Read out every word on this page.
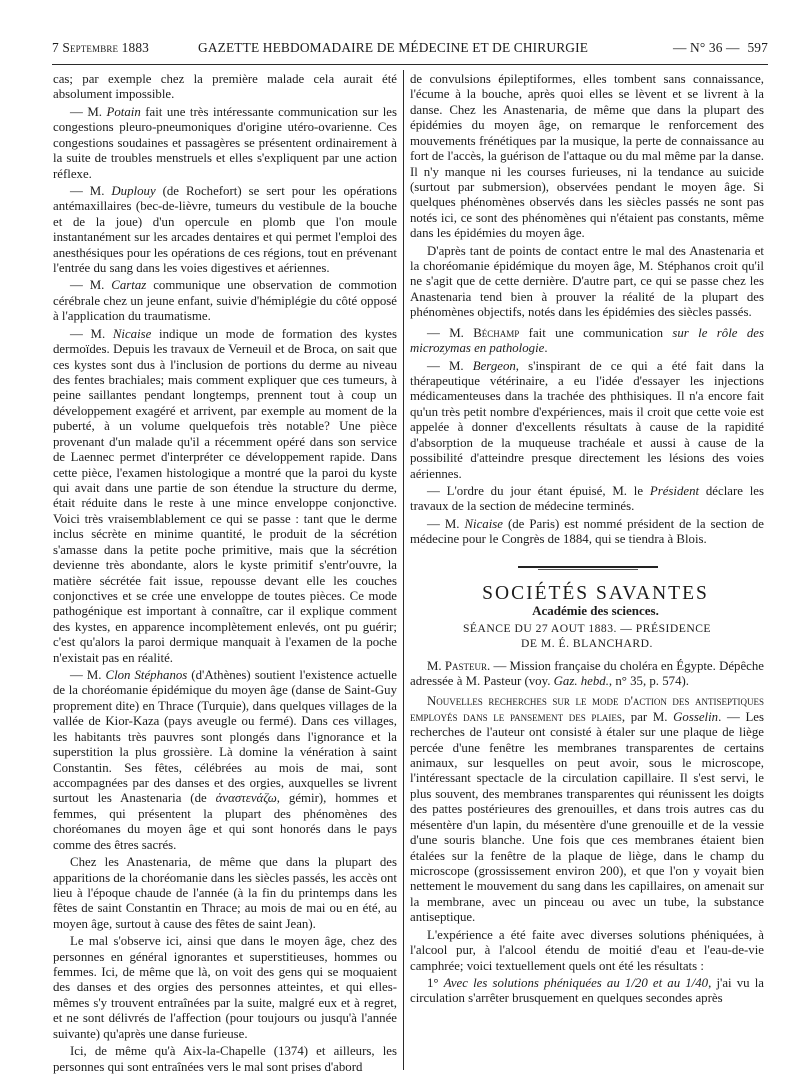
7 Septembre 1883	GAZETTE HEBDOMADAIRE DE MÉDECINE ET DE CHIRURGIE	— N° 36 — 597

cas; par exemple chez la première malade cela aurait été absolument impossible.

— M. Potain fait une très intéressante communication sur les congestions pleuro-pneumoniques d'origine utéro-ovarienne. Ces congestions soudaines et passagères se présentent ordinairement à la suite de troubles menstruels et elles s'expliquent par une action réflexe.

— M. Duplouy (de Rochefort) se sert pour les opérations antémaxillaires (bec-de-lièvre, tumeurs du vestibule de la bouche et de la joue) d'un opercule en plomb que l'on moule instantanément sur les arcades dentaires et qui permet l'emploi des anesthésiques pour les opérations de ces régions, tout en prévenant l'entrée du sang dans les voies digestives et aériennes.

— M. Cartaz communique une observation de commotion cérébrale chez un jeune enfant, suivie d'hémiplégie du côté opposé à l'application du traumatisme.

— M. Nicaise indique un mode de formation des kystes dermoïdes. Depuis les travaux de Verneuil et de Broca, on sait que ces kystes sont dus à l'inclusion de portions du derme au niveau des fentes brachiales; mais comment expliquer que ces tumeurs, à peine saillantes pendant longtemps, prennent tout à coup un développement exagéré et arrivent, par exemple au moment de la puberté, à un volume quelquefois très notable? Une pièce provenant d'un malade qu'il a récemment opéré dans son service de Laennec permet d'interpréter ce développement rapide. Dans cette pièce, l'examen histologique a montré que la paroi du kyste qui avait dans une partie de son étendue la structure du derme, était réduite dans le reste à une mince enveloppe conjonctive. Voici très vraisemblablement ce qui se passe : tant que le derme inclus sécrète en minime quantité, le produit de la sécrétion s'amasse dans la petite poche primitive, mais que la sécrétion devienne très abondante, alors le kyste primitif s'entr'ouvre, la matière sécrétée fait issue, repousse devant elle les couches conjonctives et se crée une enveloppe de toutes pièces. Ce mode pathogénique est important à connaître, car il explique comment des kystes, en apparence incomplètement enlevés, ont pu guérir; c'est qu'alors la paroi dermique manquait à l'examen de la poche n'existait pas en réalité.

— M. Clon Stéphanos (d'Athènes) soutient l'existence actuelle de la choréomanie épidémique du moyen âge (danse de Saint-Guy proprement dite) en Thrace (Turquie), dans quelques villages de la vallée de Kior-Kaza (pays aveugle ou fermé). Dans ces villages, les habitants très pauvres sont plongés dans l'ignorance et la superstition la plus grossière. Là domine la vénération à saint Constantin. Ses fêtes, célébrées au mois de mai, sont accompagnées par des danses et des orgies, auxquelles se livrent surtout les Anastenaria (de ἀναστενάζω, gémir), hommes et femmes, qui présentent la plupart des phénomènes des choréomanes du moyen âge et qui sont honorés dans le pays comme des êtres sacrés.

Chez les Anastenaria, de même que dans la plupart des apparitions de la choréomanie dans les siècles passés, les accès ont lieu à l'époque chaude de l'année (à la fin du printemps dans les fêtes de saint Constantin en Thrace; au mois de mai ou en été, au moyen âge, surtout à cause des fêtes de saint Jean).

Le mal s'observe ici, ainsi que dans le moyen âge, chez des personnes en général ignorantes et superstitieuses, hommes ou femmes. Ici, de même que là, on voit des gens qui se moquaient des danses et des orgies des personnes atteintes, et qui elles-mêmes s'y trouvent entraînées par la suite, malgré eux et à regret, et ne sont délivrés de l'affection (pour toujours ou jusqu'à l'année suivante) qu'après une danse furieuse.

Ici, de même qu'à Aix-la-Chapelle (1374) et ailleurs, les personnes qui sont entraînées vers le mal sont prises d'abord

de convulsions épileptiformes, elles tombent sans connaissance, l'écume à la bouche, après quoi elles se lèvent et se livrent à la danse. Chez les Anastenaria, de même que dans la plupart des épidémies du moyen âge, on remarque le renforcement des mouvements frénétiques par la musique, la perte de connaissance au fort de l'accès, la guérison de l'attaque ou du mal même par la danse. Il n'y manque ni les courses furieuses, ni la tendance au suicide (surtout par submersion), observées pendant le moyen âge. Si quelques phénomènes observés dans les siècles passés ne sont pas notés ici, ce sont des phénomènes qui n'étaient pas constants, même dans les épidémies du moyen âge.

D'après tant de points de contact entre le mal des Anastenaria et la choréomanie épidémique du moyen âge, M. Stéphanos croit qu'il ne s'agit que de cette dernière. D'autre part, ce qui se passe chez les Anastenaria tend bien à prouver la réalité de la plupart des phénomènes objectifs, notés dans les épidémies des siècles passés.

— M. Béchamp fait une communication sur le rôle des microzymas en pathologie.

— M. Bergeon, s'inspirant de ce qui a été fait dans la thérapeutique vétérinaire, a eu l'idée d'essayer les injections médicamenteuses dans la trachée des phthisiques. Il n'a encore fait qu'un très petit nombre d'expériences, mais il croit que cette voie est appelée à donner d'excellents résultats à cause de la rapidité d'absorption de la muqueuse trachéale et aussi à cause de la possibilité d'atteindre presque directement les lésions des voies aériennes.

— L'ordre du jour étant épuisé, M. le Président déclare les travaux de la section de médecine terminés.

— M. Nicaise (de Paris) est nommé président de la section de médecine pour le Congrès de 1884, qui se tiendra à Blois.

SOCIÉTÉS SAVANTES

Académie des sciences.

SÉANCE DU 27 AOUT 1883. — PRÉSIDENCE
DE M. É. BLANCHARD.

M. Pasteur. — Mission française du choléra en Égypte. Dépêche adressée à M. Pasteur (voy. Gaz. hebd., n° 35, p. 574).

Nouvelles recherches sur le mode d'action des antiseptiques employés dans le pansement des plaies, par M. Gosselin. — Les recherches de l'auteur ont consisté à étaler sur une plaque de liège percée d'une fenêtre les membranes transparentes de certains animaux, sur lesquelles on peut avoir, sous le microscope, l'intéressant spectacle de la circulation capillaire. Il s'est servi, le plus souvent, des membranes transparentes qui réunissent les doigts des pattes postérieures des grenouilles, et dans trois autres cas du mésentère d'un lapin, du mésentère d'une grenouille et de la vessie d'une souris blanche. Une fois que ces membranes étaient bien étalées sur la fenêtre de la plaque de liège, dans le champ du microscope (grossissement environ 200), et que l'on y voyait bien nettement le mouvement du sang dans les capillaires, on amenait sur la membrane, avec un pinceau ou avec un tube, la substance antiseptique.

L'expérience a été faite avec diverses solutions phéniquées, à l'alcool pur, à l'alcool étendu de moitié d'eau et l'eau-de-vie camphrée; voici textuellement quels ont été les résultats :

1° Avec les solutions phéniquées au 1/20 et au 1/40, j'ai vu la circulation s'arrêter brusquement en quelques secondes après
